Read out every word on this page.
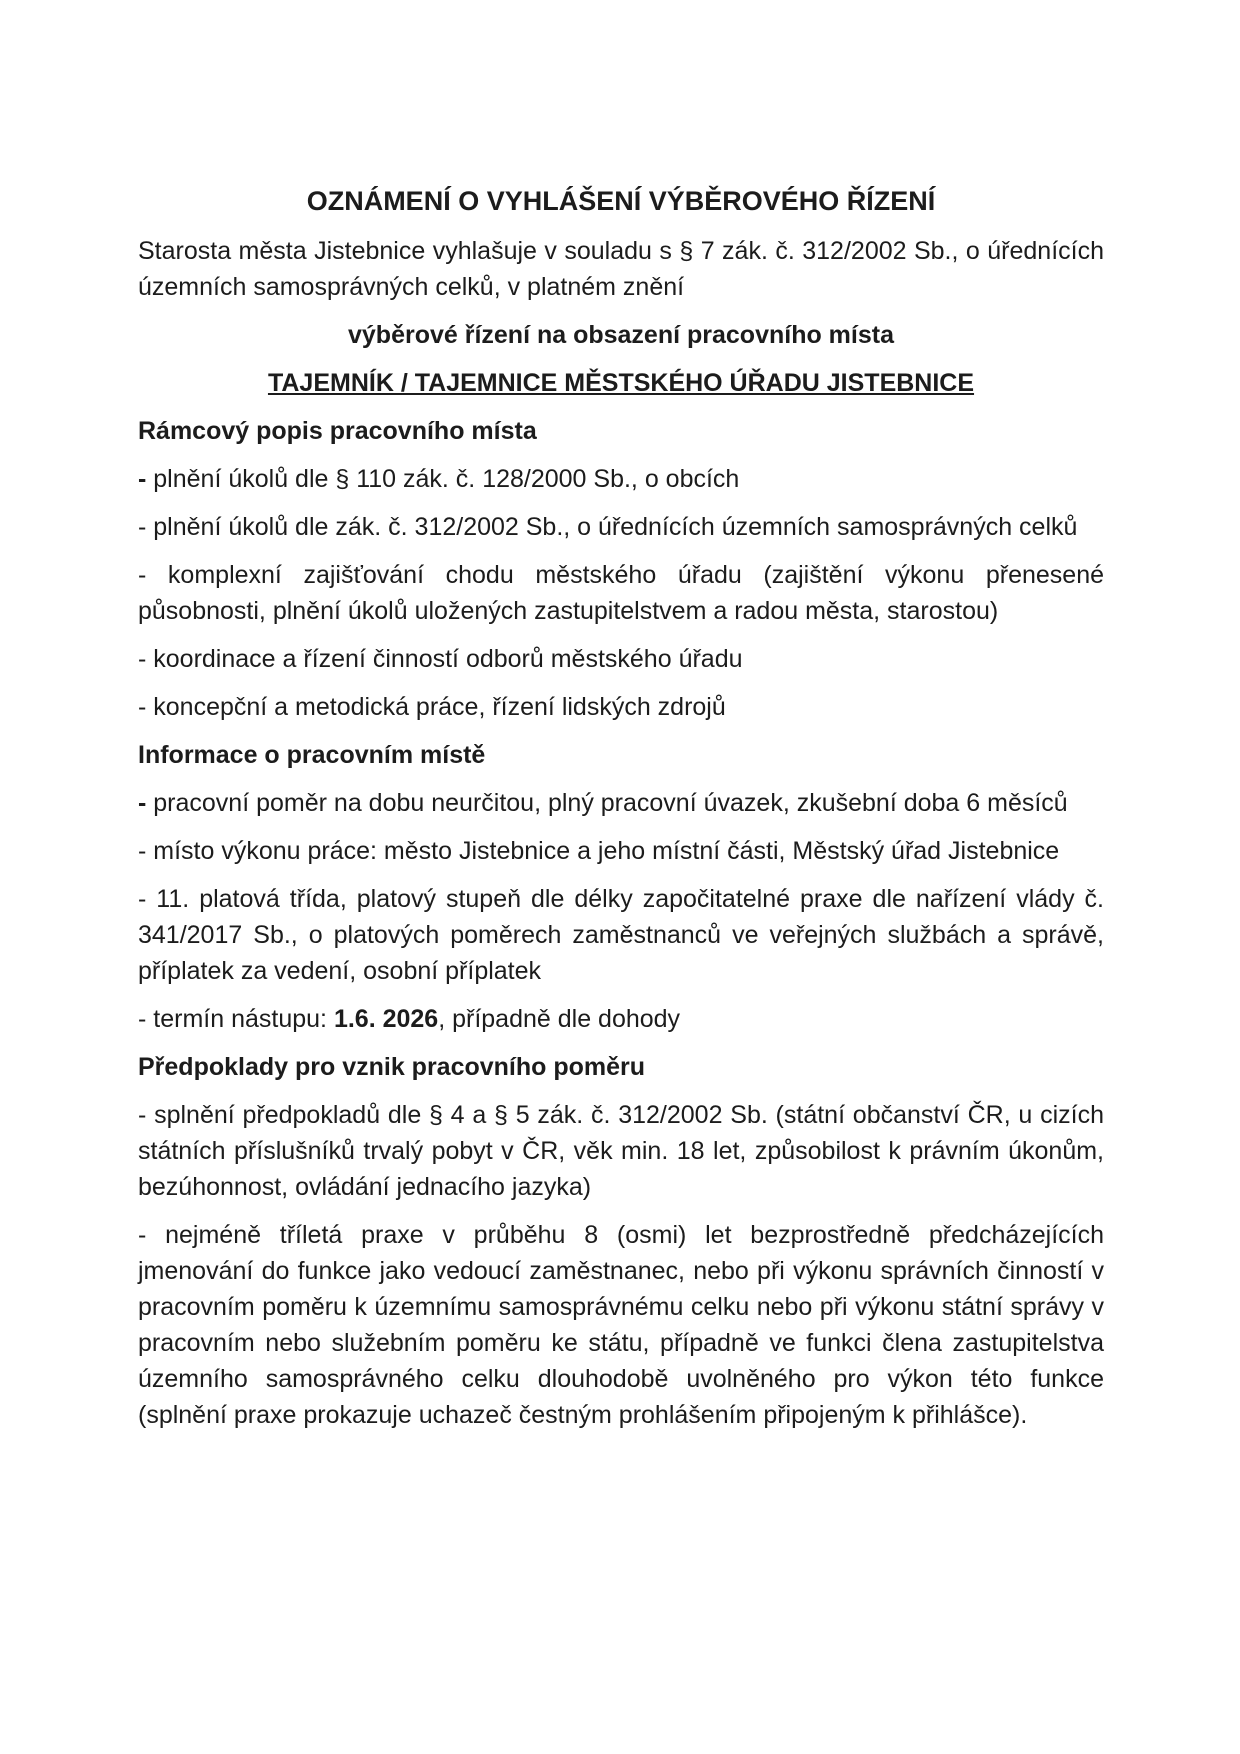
OZNÁMENÍ O VYHLÁŠENÍ VÝBĚROVÉHO ŘÍZENÍ

Starosta města Jistebnice vyhlašuje v souladu s § 7 zák. č. 312/2002 Sb., o úřednících územních samosprávných celků, v platném znění

výběrové řízení na obsazení pracovního místa

TAJEMNÍK / TAJEMNICE MĚSTSKÉHO ÚŘADU JISTEBNICE

Rámcový popis pracovního místa

- plnění úkolů dle § 110 zák. č. 128/2000 Sb., o obcích

- plnění úkolů dle zák. č. 312/2002 Sb., o úřednících územních samosprávných celků

- komplexní zajišťování chodu městského úřadu (zajištění výkonu přenesené působnosti, plnění úkolů uložených zastupitelstvem a radou města, starostou)

- koordinace a řízení činností odborů městského úřadu

- koncepční a metodická práce, řízení lidských zdrojů

Informace o pracovním místě

- pracovní poměr na dobu neurčitou, plný pracovní úvazek, zkušební doba 6 měsíců

- místo výkonu práce: město Jistebnice a jeho místní části, Městský úřad Jistebnice

- 11. platová třída, platový stupeň dle délky započitatelné praxe dle nařízení vlády č. 341/2017 Sb., o platových poměrech zaměstnanců ve veřejných službách a správě, příplatek za vedení, osobní příplatek

- termín nástupu: 1.6. 2026, případně dle dohody

Předpoklady pro vznik pracovního poměru

- splnění předpokladů dle § 4 a § 5 zák. č. 312/2002 Sb. (státní občanství ČR, u cizích státních příslušníků trvalý pobyt v ČR, věk min. 18 let, způsobilost k právním úkonům, bezúhonnost, ovládání jednacího jazyka)

- nejméně tříletá praxe v průběhu 8 (osmi) let bezprostředně předcházejících jmenování do funkce jako vedoucí zaměstnanec, nebo při výkonu správních činností v pracovním poměru k územnímu samosprávnému celku nebo při výkonu státní správy v pracovním nebo služebním poměru ke státu, případně ve funkci člena zastupitelstva územního samosprávného celku dlouhodobě uvolněného pro výkon této funkce (splnění praxe prokazuje uchazeč čestným prohlášením připojeným k přihlášce).
